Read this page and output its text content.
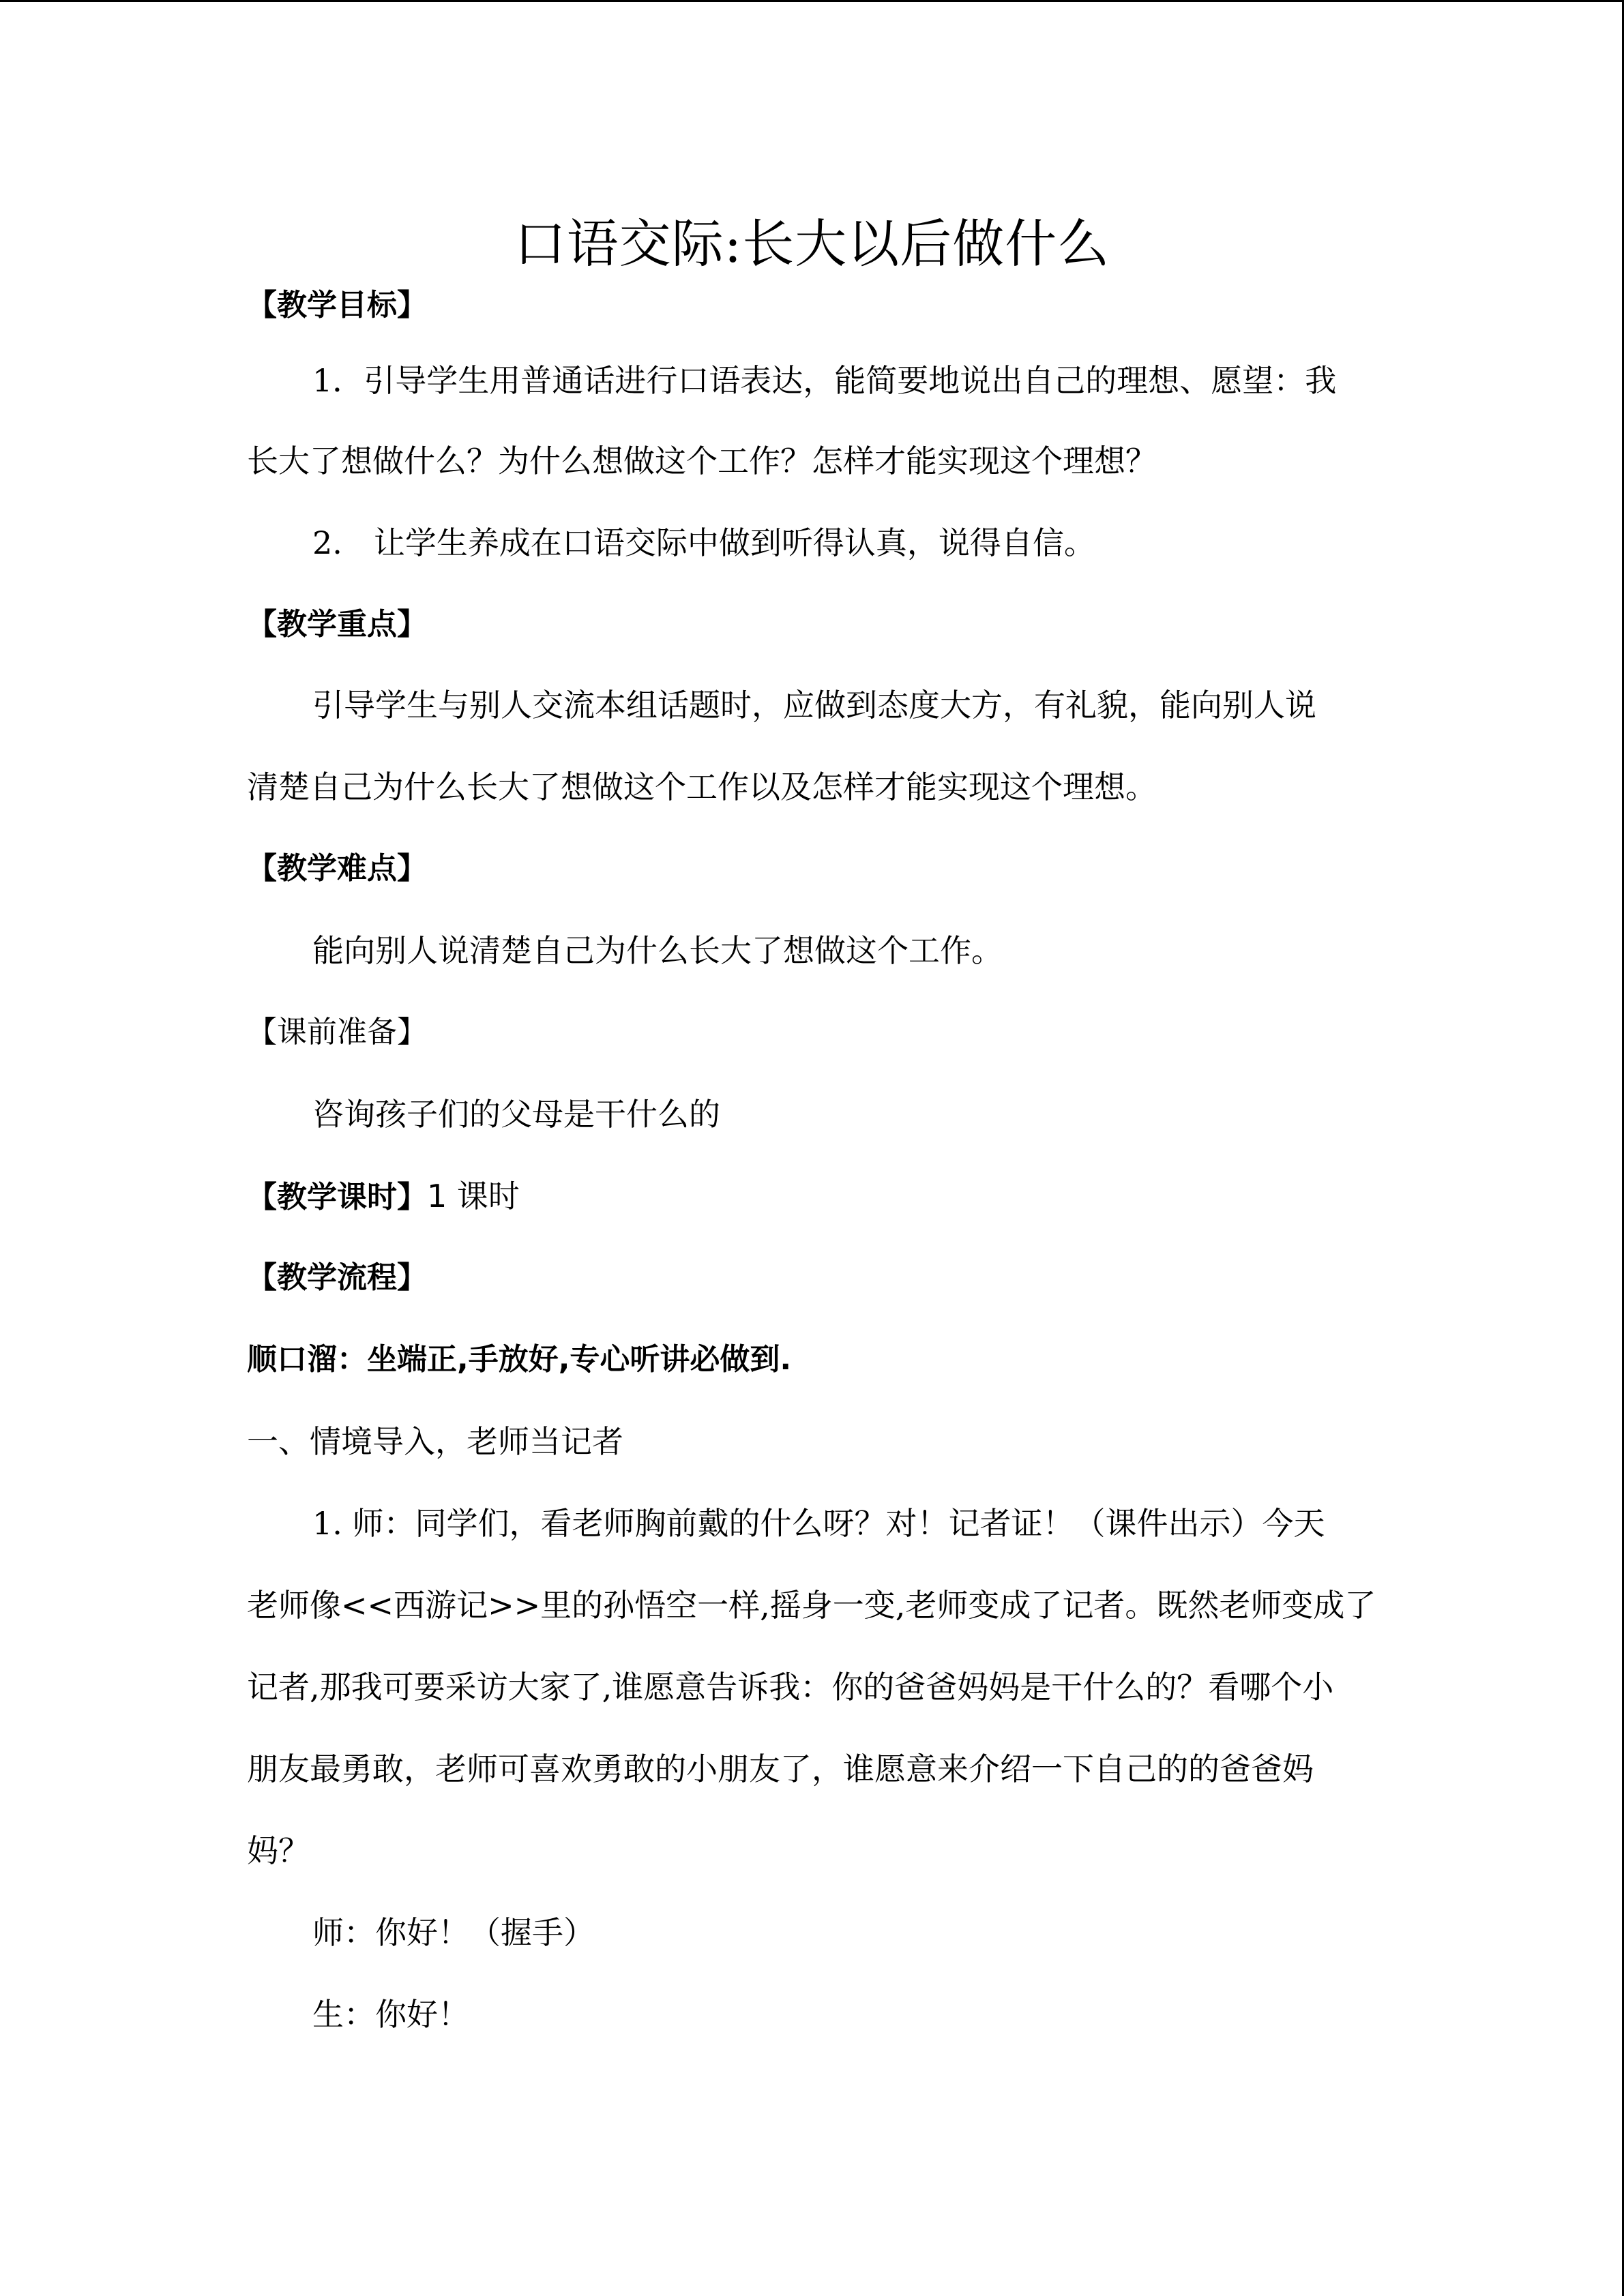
口语交际:长大以后做什么

【教学目标】

1．引导学生用普通话进行口语表达，能简要地说出自己的理想、愿望：我

长大了想做什么？为什么想做这个工作？怎样才能实现这个理想？

2.　让学生养成在口语交际中做到听得认真，说得自信。

【教学重点】

引导学生与别人交流本组话题时，应做到态度大方，有礼貌，能向别人说

清楚自己为什么长大了想做这个工作以及怎样才能实现这个理想。

【教学难点】

能向别人说清楚自己为什么长大了想做这个工作。

【课前准备】

咨询孩子们的父母是干什么的

【教学课时】1 课时

【教学流程】

顺口溜：坐端正,手放好,专心听讲必做到.

一、情境导入，老师当记者

1. 师：同学们，看老师胸前戴的什么呀？对！记者证！（课件出示）今天

老师像<<西游记>>里的孙悟空一样,摇身一变,老师变成了记者。既然老师变成了

记者,那我可要采访大家了,谁愿意告诉我：你的爸爸妈妈是干什么的？看哪个小

朋友最勇敢，老师可喜欢勇敢的小朋友了，谁愿意来介绍一下自己的的爸爸妈

妈？

师：你好！（握手）

生：你好！
